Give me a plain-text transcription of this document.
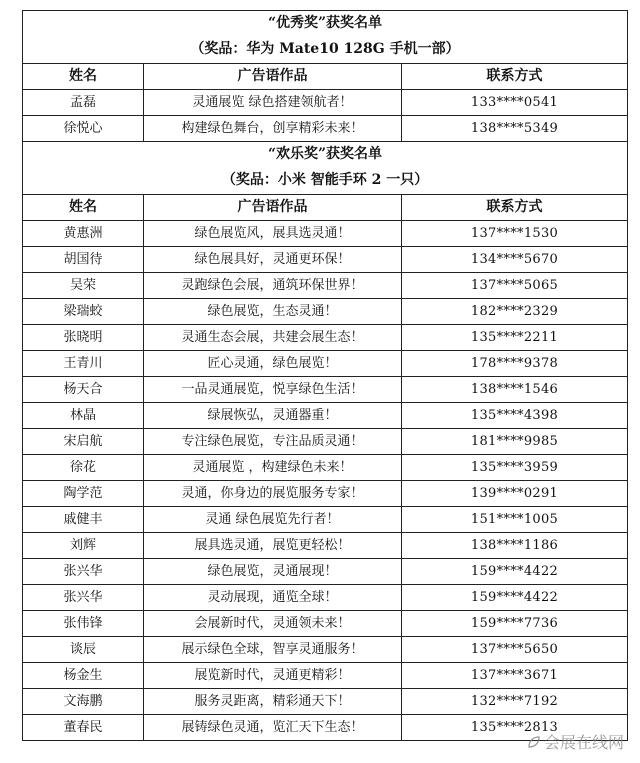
“优秀奖”获奖名单		
（奖品：华为 Mate10 128G 手机一部）		
姓名	广告语作品	联系方式
孟磊	灵通展览 绿色搭建领航者！	133****0541
徐悦心	构建绿色舞台，创享精彩未来！	138****5349
“欢乐奖”获奖名单		
（奖品：小米 智能手环 2 一只）		
姓名	广告语作品	联系方式
黄惠洲	绿色展览风，展具选灵通！	137****1530
胡国待	绿色展具好，灵通更环保！	134****5670
吴荣	灵跑绿色会展，通筑环保世界！	137****5065
梁瑞蛟	绿色展览，生态灵通！	182****2329
张晓明	灵通生态会展，共建会展生态！	135****2211
王青川	匠心灵通，绿色展览！	178****9378
杨天合	一品灵通展览，悦享绿色生活！	138****1546
林晶	绿展恢弘，灵通器重！	135****4398
宋启航	专注绿色展览，专注品质灵通！	181****9985
徐花	灵通展览 ，构建绿色未来！	135****3959
陶学范	灵通，你身边的展览服务专家！	139****0291
戚健丰	灵通 绿色展览先行者！	151****1005
刘辉	展具选灵通，展览更轻松！	138****1186
张兴华	绿色展览，灵通展现！	159****4422
张兴华	灵动展现，通览全球！	159****4422
张伟锋	会展新时代，灵通领未来！	159****7736
谈辰	展示绿色全球，智享灵通服务！	137****5650
杨金生	展览新时代，灵通更精彩！	137****3671
文海鹏	服务灵距离，精彩通天下！	132****7192
董春民	展铸绿色灵通，览汇天下生态！	135****2813
会展在线网
